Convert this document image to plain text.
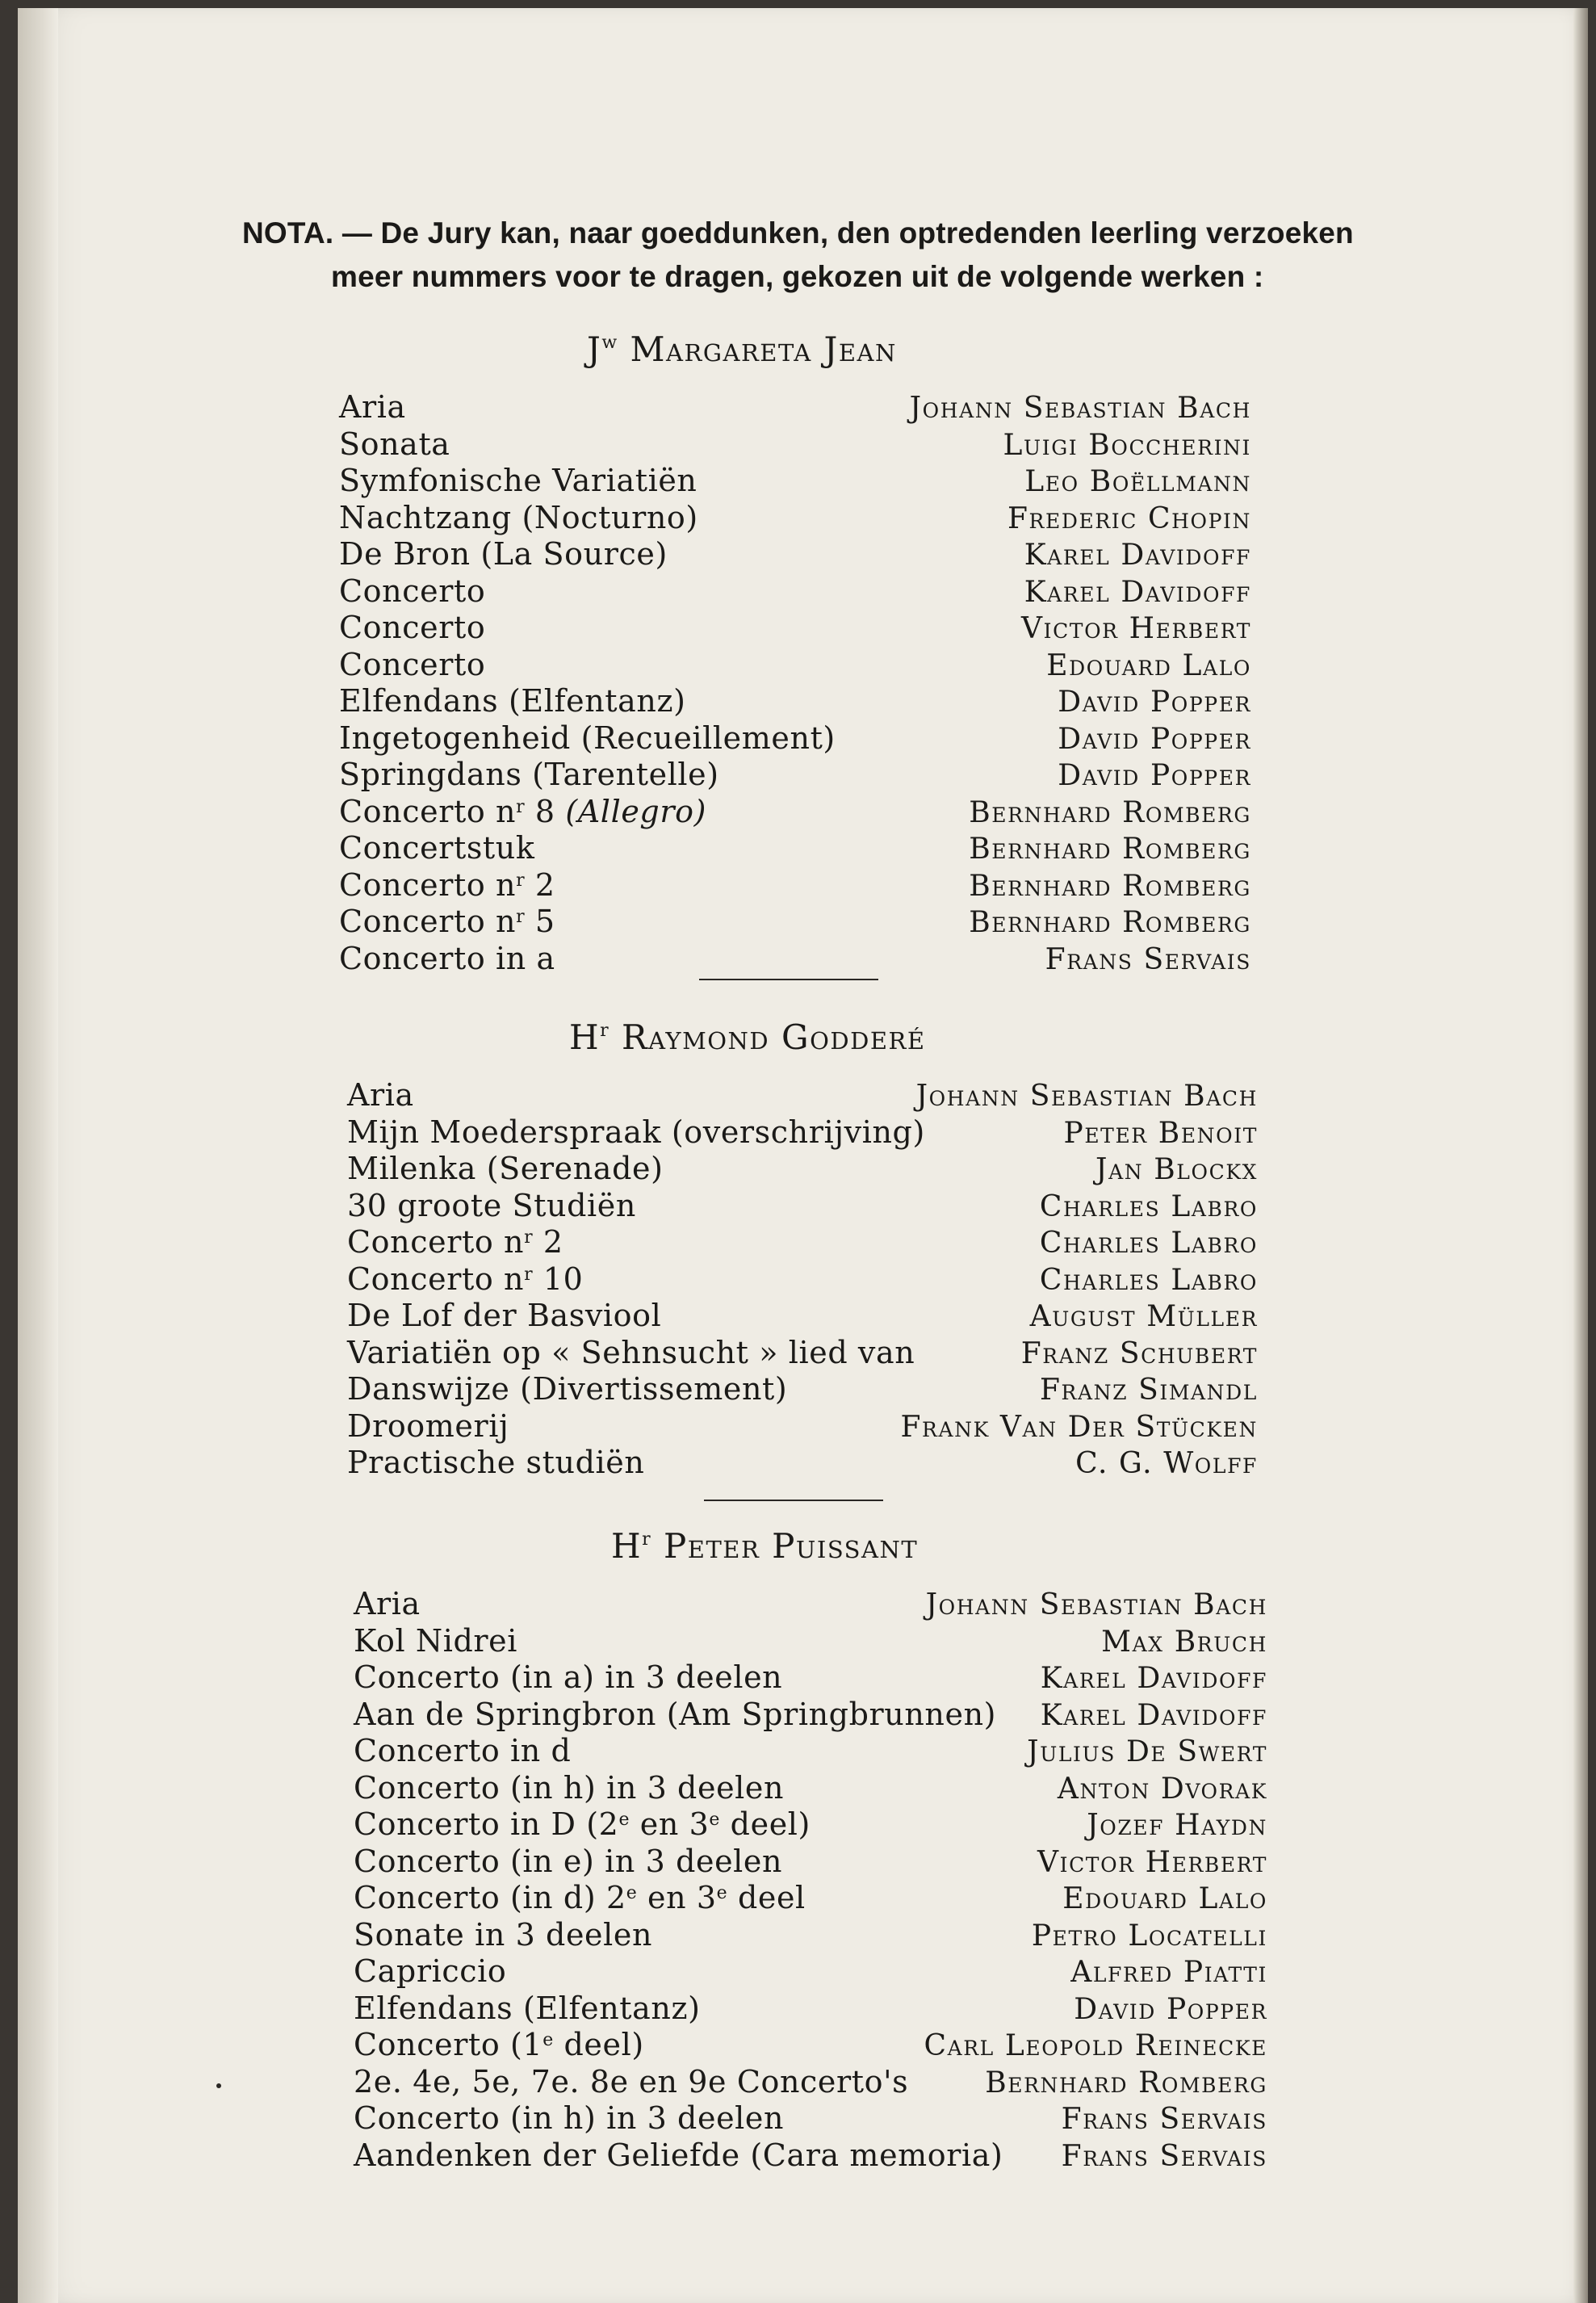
NOTA. — De Jury kan, naar goeddunken, den optredenden leerling verzoeken
meer nummers voor te dragen, gekozen uit de volgende werken :
$J^w$ Margareta Jean
Aria	Johann Sebastian Bach
Sonata	Luigi Boccherini
Symfonische Variatiën	Leo Boëllmann
Nachtzang (Nocturno)	Frederic Chopin
De Bron (La Source)	Karel Davidoff
Concerto	Karel Davidoff
Concerto	Victor Herbert
Concerto	Edouard Lalo
Elfendans (Elfentanz)	David Popper
Ingetogenheid (Recueillement)	David Popper
Springdans (Tarentelle)	David Popper
Concerto $n^r$ 8 (Allegro)	Bernhard Romberg
Concertstuk	Bernhard Romberg
Concerto $n^r$ 2	Bernhard Romberg
Concerto $n^r$ 5	Bernhard Romberg
Concerto in a	Frans Servais
$H^r$ Raymond Godderé
Aria	Johann Sebastian Bach
Mijn Moederspraak (overschrijving)	Peter Benoit
Milenka (Serenade)	Jan Blockx
30 groote Studiën	Charles Labro
Concerto $n^r$ 2	Charles Labro
Concerto $n^r$ 10	Charles Labro
De Lof der Basviool	August Müller
Variatiën op « Sehnsucht » lied van	Franz Schubert
Danswijze (Divertissement)	Franz Simandl
Droomerij	Frank Van Der Stücken
Practische studiën	C. G. Wolff
$H^r$ Peter Puissant
Aria	Johann Sebastian Bach
Kol Nidrei	Max Bruch
Concerto (in a) in 3 deelen	Karel Davidoff
Aan de Springbron (Am Springbrunnen) Karel Davidoff
Concerto in d	Julius De Swert
Concerto (in h) in 3 deelen	Anton Dvorak
Concerto in D (2e en 3e deel)	Jozef Haydn
Concerto (in e) in 3 deelen	Victor Herbert
Concerto (in d) 2e en 3e deel	Edouard Lalo
Sonate in 3 deelen	Petro Locatelli
Capriccio	Alfred Piatti
Elfendans (Elfentanz)	David Popper
Concerto (1e deel)	Carl Leopold Reinecke
2e. 4e, 5e, 7e. 8e en 9e Concerto's	Bernhard Romberg
Concerto (in h) in 3 deelen	Frans Servais
Aandenken der Geliefde (Cara memoria) Frans Servais
